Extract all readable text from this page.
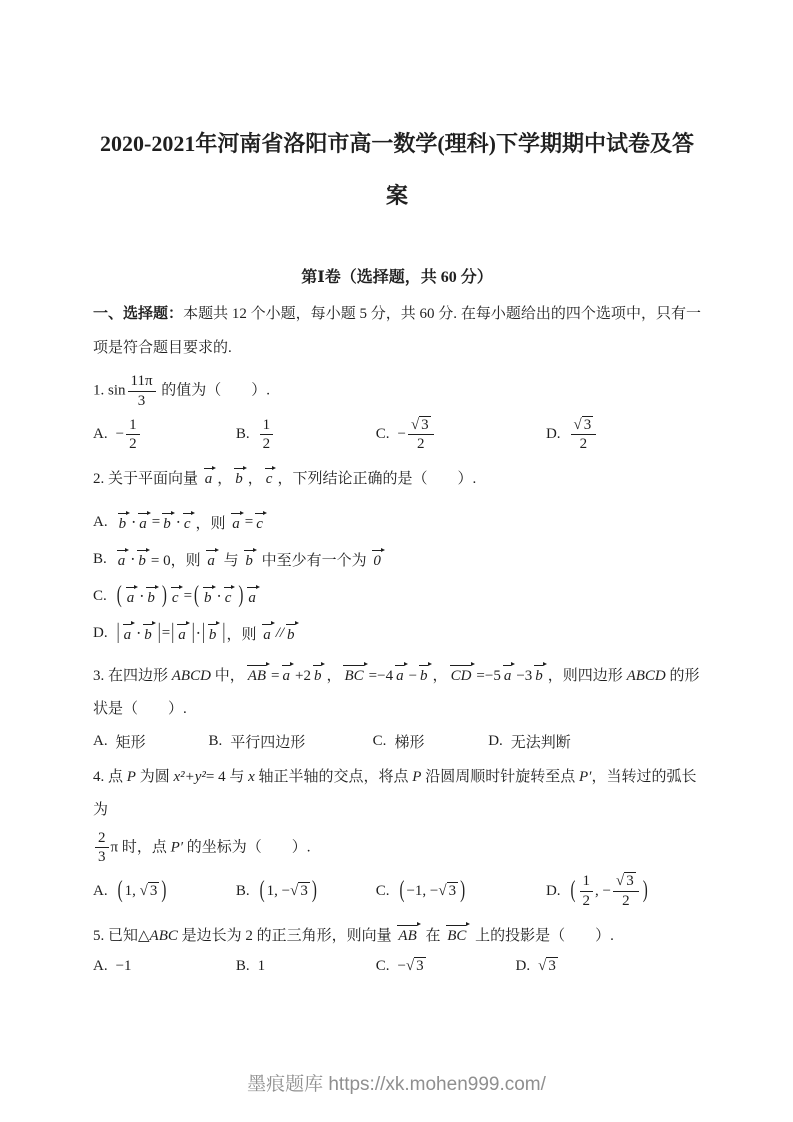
2020-2021年河南省洛阳市高一数学(理科)下学期期中试卷及答案
第Ⅰ卷（选择题，共 60 分）

一、选择题：本题共 12 个小题，每小题 5 分，共 60 分. 在每小题给出的四个选项中，只有一项是符合题目要求的.

1. $\sin \frac{11\pi}{3}$ 的值为（　　）.

A. − $\frac{1}{2}$	B. $\frac{1}{2}$	C. − $\frac{√ 3}{2}$	D. $\frac{√ 3}{2}$

2. 关于平面向量 a ， b ， c ，下列结论正确的是（　　）.

A. b ⋅ a = b ⋅ c ，则 a = c
B. a ⋅ b = 0，则 a 与 b 中至少有一个为 0
C. ( a ⋅ b ) c = ( b ⋅ c ) a
D. | a ⋅ b | = | a | ⋅ | b | ，则 a // b

3. 在四边形 ABCD 中， AB = a +2 b ， BC =−4 a − b ， CD =−5 a −3 b ，则四边形 ABCD 的形状是（　　）.

A. 矩形	B. 平行四边形	C. 梯形	D. 无法判断

4. 点 P 为圆 x²+y²= 4 与 x 轴正半轴的交点，将点 P 沿圆周顺时针旋转至点 P′，当转过的弧长为

$\frac{2}{3}$ π 时，点 P′ 的坐标为（　　）.

A. ( 1, √ 3 )	B. ( 1, − √ 3 )	C. ( −1, − √ 3 )	D. ( $\frac{1}{2}$ , − $\frac{√ 3}{2}$ )

5. 已知△ABC 是边长为 2 的正三角形，则向量 AB 在 BC 上的投影是（　　）.

A. −1	B. 1	C. − √ 3	D. √ 3
墨痕题库 https://xk.mohen999.com/
